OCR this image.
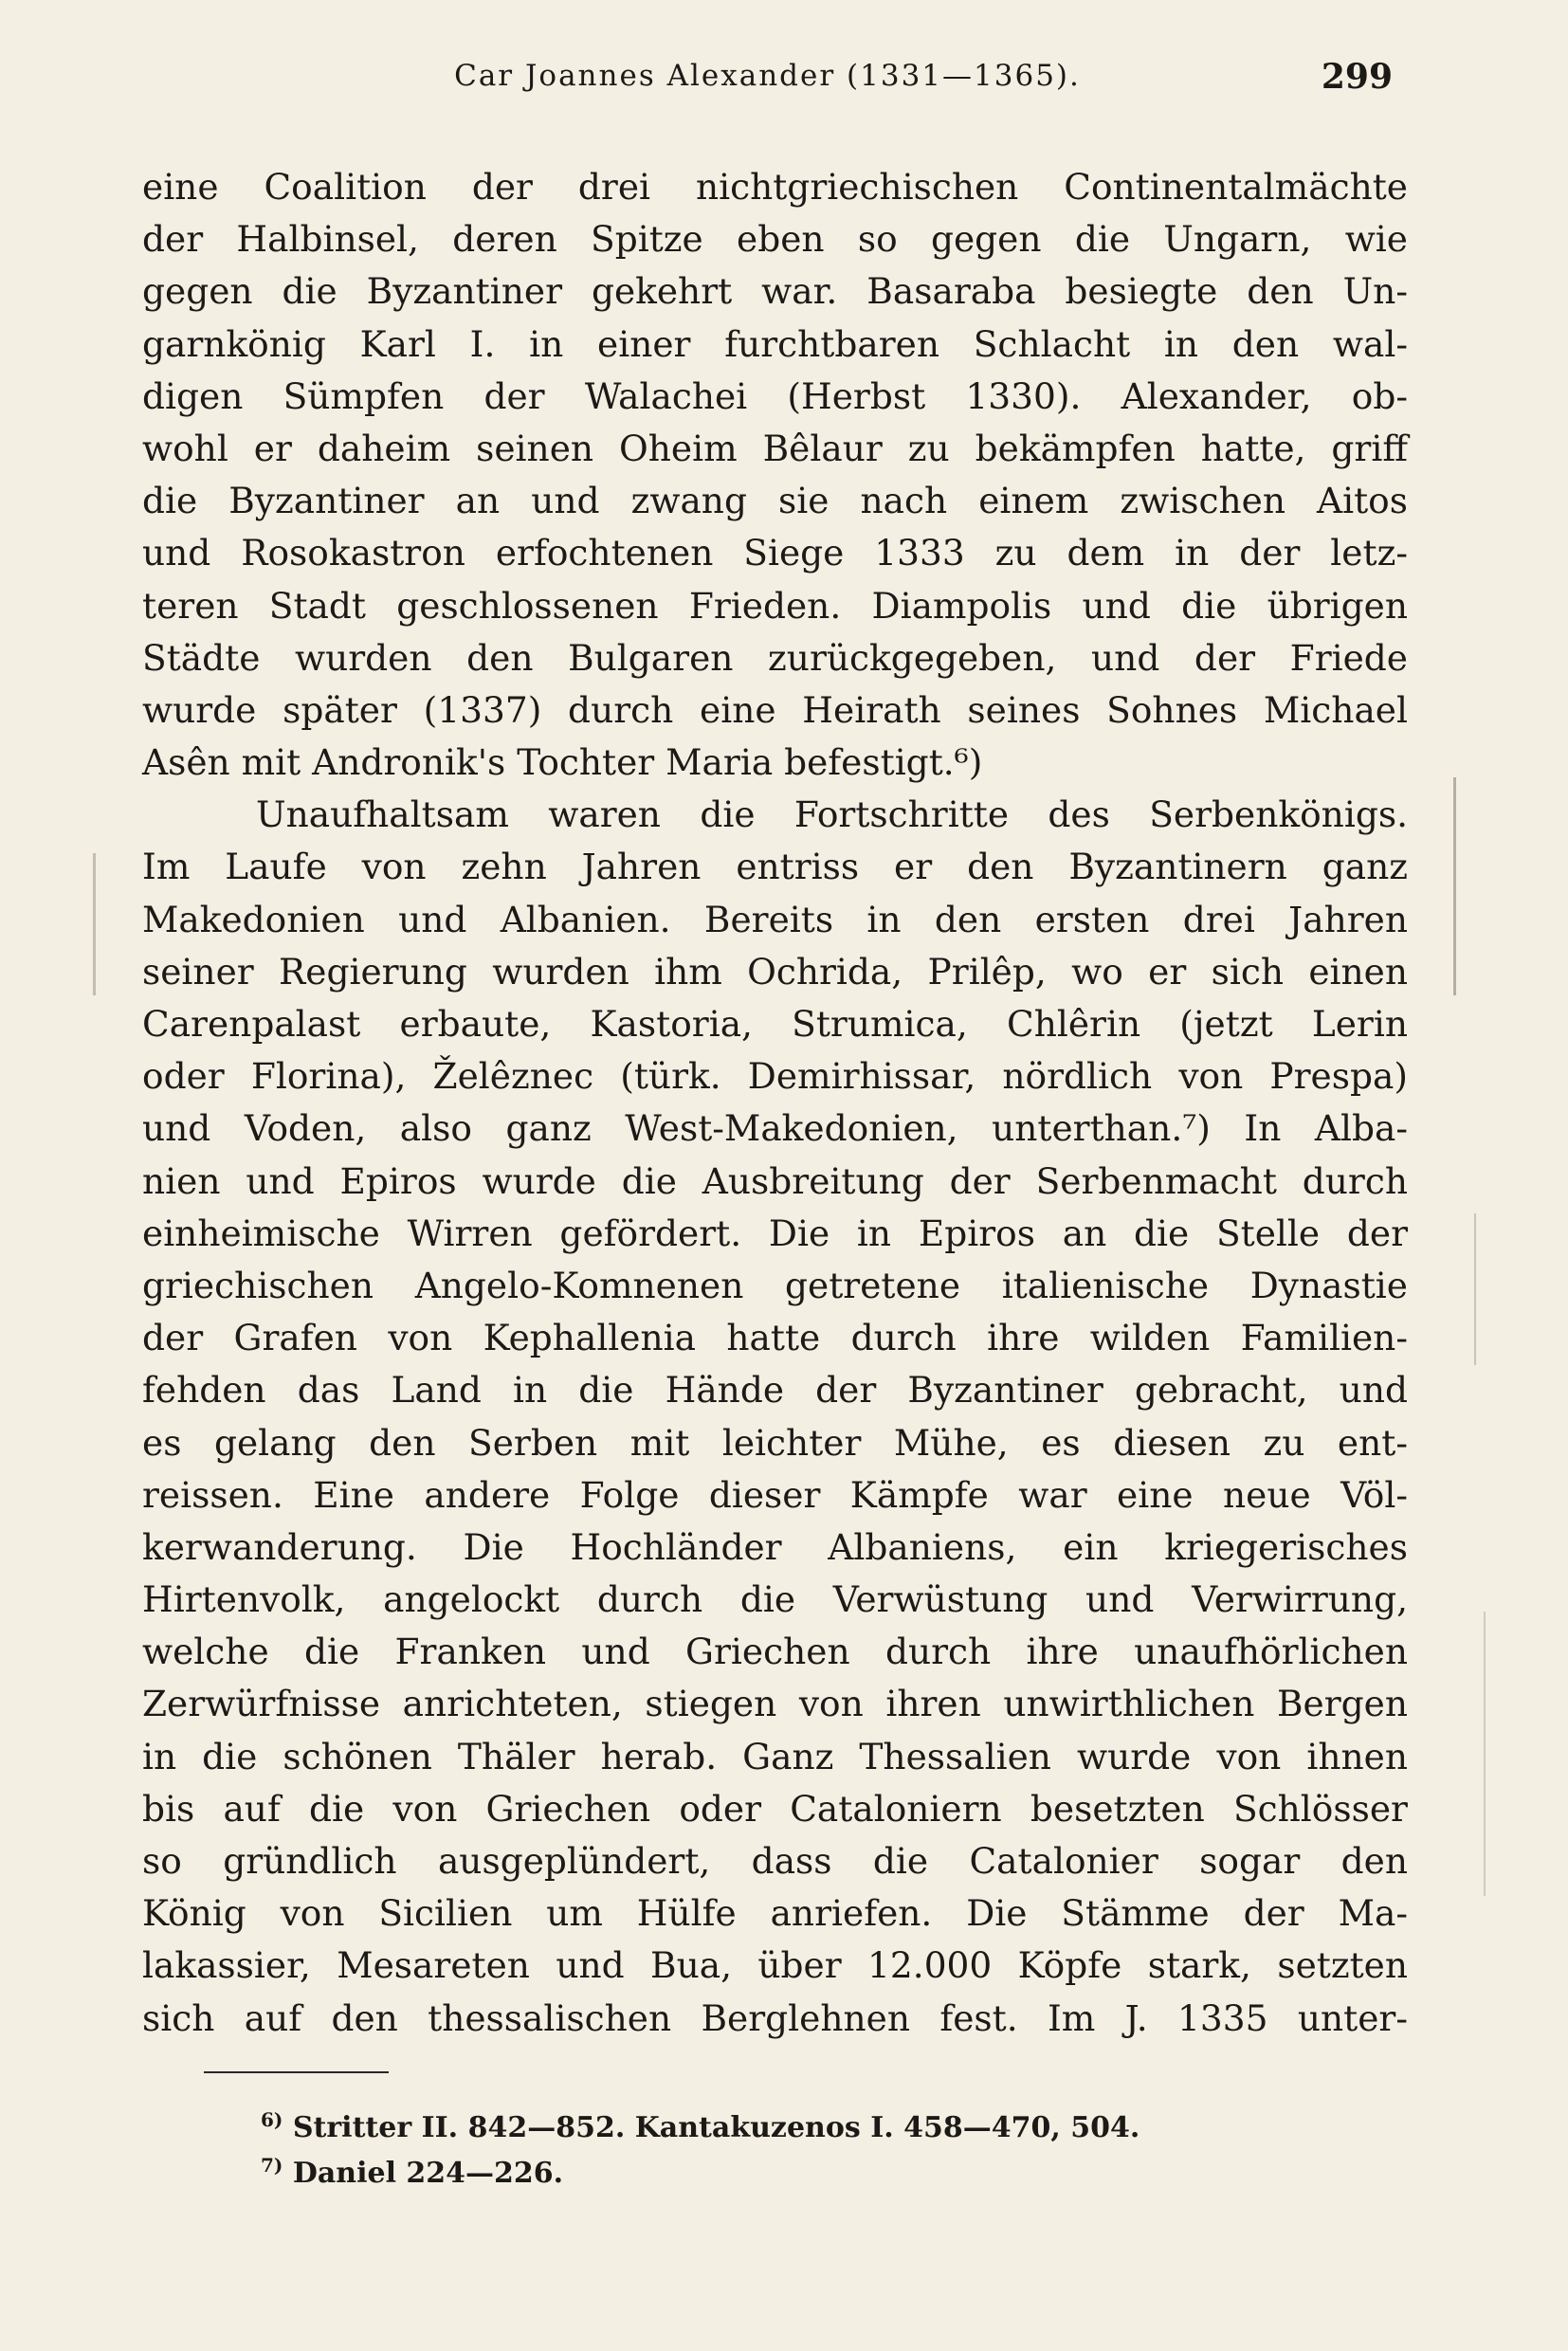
Car Joannes Alexander (1331—1365).	299
eine Coalition der drei nichtgriechischen Continentalmächte
der Halbinsel, deren Spitze eben so gegen die Ungarn, wie
gegen die Byzantiner gekehrt war. Basaraba besiegte den Un-
garnkönig Karl I. in einer furchtbaren Schlacht in den wal-
digen Sümpfen der Walachei (Herbst 1330). Alexander, ob-
wohl er daheim seinen Oheim Bêlaur zu bekämpfen hatte, griff
die Byzantiner an und zwang sie nach einem zwischen Aitos
und Rosokastron erfochtenen Siege 1333 zu dem in der letz-
teren Stadt geschlossenen Frieden. Diampolis und die übrigen
Städte wurden den Bulgaren zurückgegeben, und der Friede
wurde später (1337) durch eine Heirath seines Sohnes Michael
Asên mit Andronik's Tochter Maria befestigt.⁶)
Unaufhaltsam waren die Fortschritte des Serbenkönigs.
Im Laufe von zehn Jahren entriss er den Byzantinern ganz
Makedonien und Albanien. Bereits in den ersten drei Jahren
seiner Regierung wurden ihm Ochrida, Prilêp, wo er sich einen
Carenpalast erbaute, Kastoria, Strumica, Chlêrin (jetzt Lerin
oder Florina), Želêznec (türk. Demirhissar, nördlich von Prespa)
und Voden, also ganz West-Makedonien, unterthan.⁷) In Alba-
nien und Epiros wurde die Ausbreitung der Serbenmacht durch
einheimische Wirren gefördert. Die in Epiros an die Stelle der
griechischen Angelo-Komnenen getretene italienische Dynastie
der Grafen von Kephallenia hatte durch ihre wilden Familien-
fehden das Land in die Hände der Byzantiner gebracht, und
es gelang den Serben mit leichter Mühe, es diesen zu ent-
reissen. Eine andere Folge dieser Kämpfe war eine neue Völ-
kerwanderung. Die Hochländer Albaniens, ein kriegerisches
Hirtenvolk, angelockt durch die Verwüstung und Verwirrung,
welche die Franken und Griechen durch ihre unaufhörlichen
Zerwürfnisse anrichteten, stiegen von ihren unwirthlichen Bergen
in die schönen Thäler herab. Ganz Thessalien wurde von ihnen
bis auf die von Griechen oder Cataloniern besetzten Schlösser
so gründlich ausgeplündert, dass die Catalonier sogar den
König von Sicilien um Hülfe anriefen. Die Stämme der Ma-
lakassier, Mesareten und Bua, über 12.000 Köpfe stark, setzten
sich auf den thessalischen Berglehnen fest. Im J. 1335 unter-
$^{6)}$ Stritter II. 842—852. Kantakuzenos I. 458—470, 504.
$^{7)}$ Daniel 224—226.
